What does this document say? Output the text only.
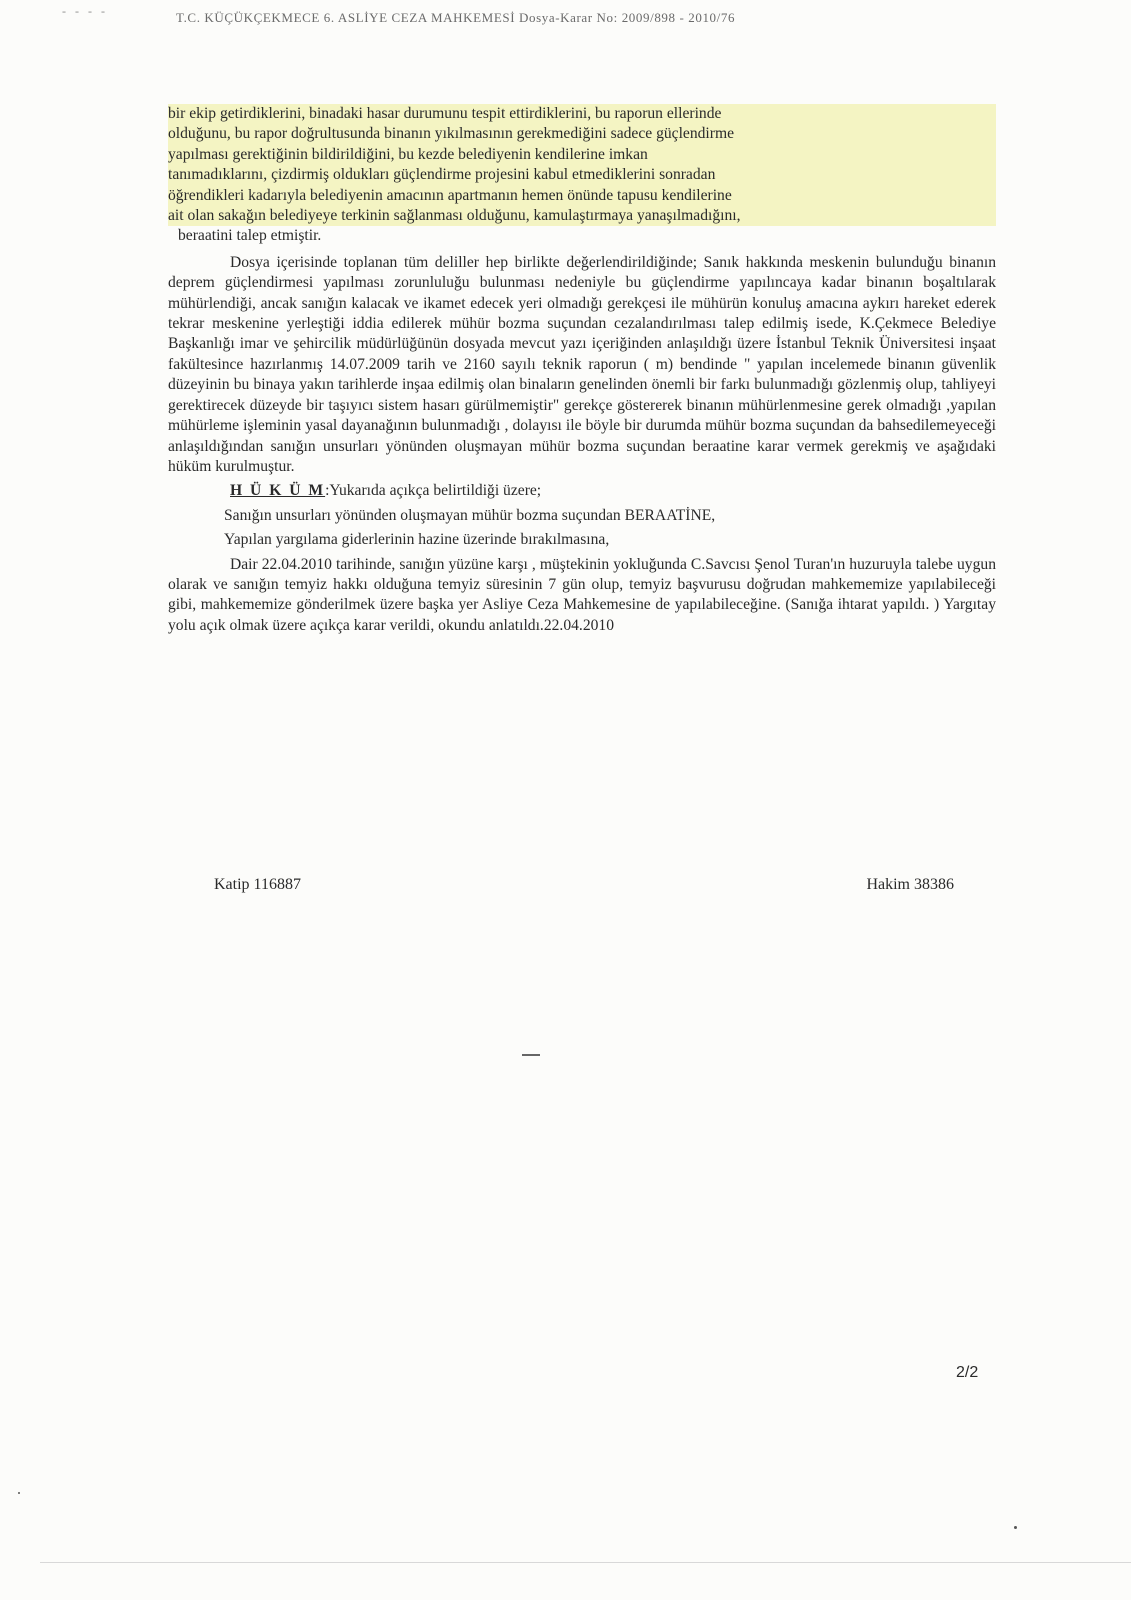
- - - -	T.C. KÜÇÜKÇEKMECE 6. ASLİYE CEZA MAHKEMESİ Dosya-Karar No: 2009/898 - 2010/76

bir ekip getirdiklerini, binadaki hasar durumunu tespit ettirdiklerini, bu raporun ellerinde
olduğunu, bu rapor doğrultusunda binanın yıkılmasının gerekmediğini sadece güçlendirme
yapılması gerektiğinin bildirildiğini, bu kezde belediyenin kendilerine imkan
tanımadıklarını, çizdirmiş oldukları güçlendirme projesini kabul etmediklerini sonradan
öğrendikleri kadarıyla belediyenin amacının apartmanın hemen önünde tapusu kendilerine
ait olan sakağın belediyeye terkinin sağlanması olduğunu, kamulaştırmaya yanaşılmadığını,
beraatini talep etmiştir.

Dosya içerisinde toplanan tüm deliller hep birlikte değerlendirildiğinde; Sanık hakkında meskenin bulunduğu binanın deprem güçlendirmesi yapılması zorunluluğu bulunması nedeniyle bu güçlendirme yapılıncaya kadar binanın boşaltılarak mühürlendiği, ancak sanığın kalacak ve ikamet edecek yeri olmadığı gerekçesi ile mühürün konuluş amacına aykırı hareket ederek tekrar meskenine yerleştiği iddia edilerek mühür bozma suçundan cezalandırılması talep edilmiş isede, K.Çekmece Belediye Başkanlığı imar ve şehircilik müdürlüğünün dosyada mevcut yazı içeriğinden anlaşıldığı üzere İstanbul Teknik Üniversitesi inşaat fakültesince hazırlanmış 14.07.2009 tarih ve 2160 sayılı teknik raporun ( m) bendinde " yapılan incelemede binanın güvenlik düzeyinin bu binaya yakın tarihlerde inşaa edilmiş olan binaların genelinden önemli bir farkı bulunmadığı gözlenmiş olup, tahliyeyi gerektirecek düzeyde bir taşıyıcı sistem hasarı gürülmemiştir" gerekçe göstererek binanın mühürlenmesine gerek olmadığı ,yapılan mühürleme işleminin yasal dayanağının bulunmadığı , dolayısı ile böyle bir durumda mühür bozma suçundan da bahsedilemeyeceği anlaşıldığından sanığın unsurları yönünden oluşmayan mühür bozma suçundan beraatine karar vermek gerekmiş ve aşağıdaki hüküm kurulmuştur.

H Ü K Ü M:Yukarıda açıkça belirtildiği üzere;

Sanığın unsurları yönünden oluşmayan mühür bozma suçundan BERAATİNE,

Yapılan yargılama giderlerinin hazine üzerinde bırakılmasına,

Dair 22.04.2010 tarihinde, sanığın yüzüne karşı , müştekinin yokluğunda C.Savcısı Şenol Turan'ın huzuruyla talebe uygun olarak ve sanığın temyiz hakkı olduğuna temyiz süresinin 7 gün olup, temyiz başvurusu doğrudan mahkememize yapılabileceği gibi, mahkememize gönderilmek üzere başka yer Asliye Ceza Mahkemesine de yapılabileceğine. (Sanığa ihtarat yapıldı. ) Yargıtay yolu açık olmak üzere açıkça karar verildi, okundu anlatıldı.22.04.2010

Katip 116887	Hakim 38386
2/2
